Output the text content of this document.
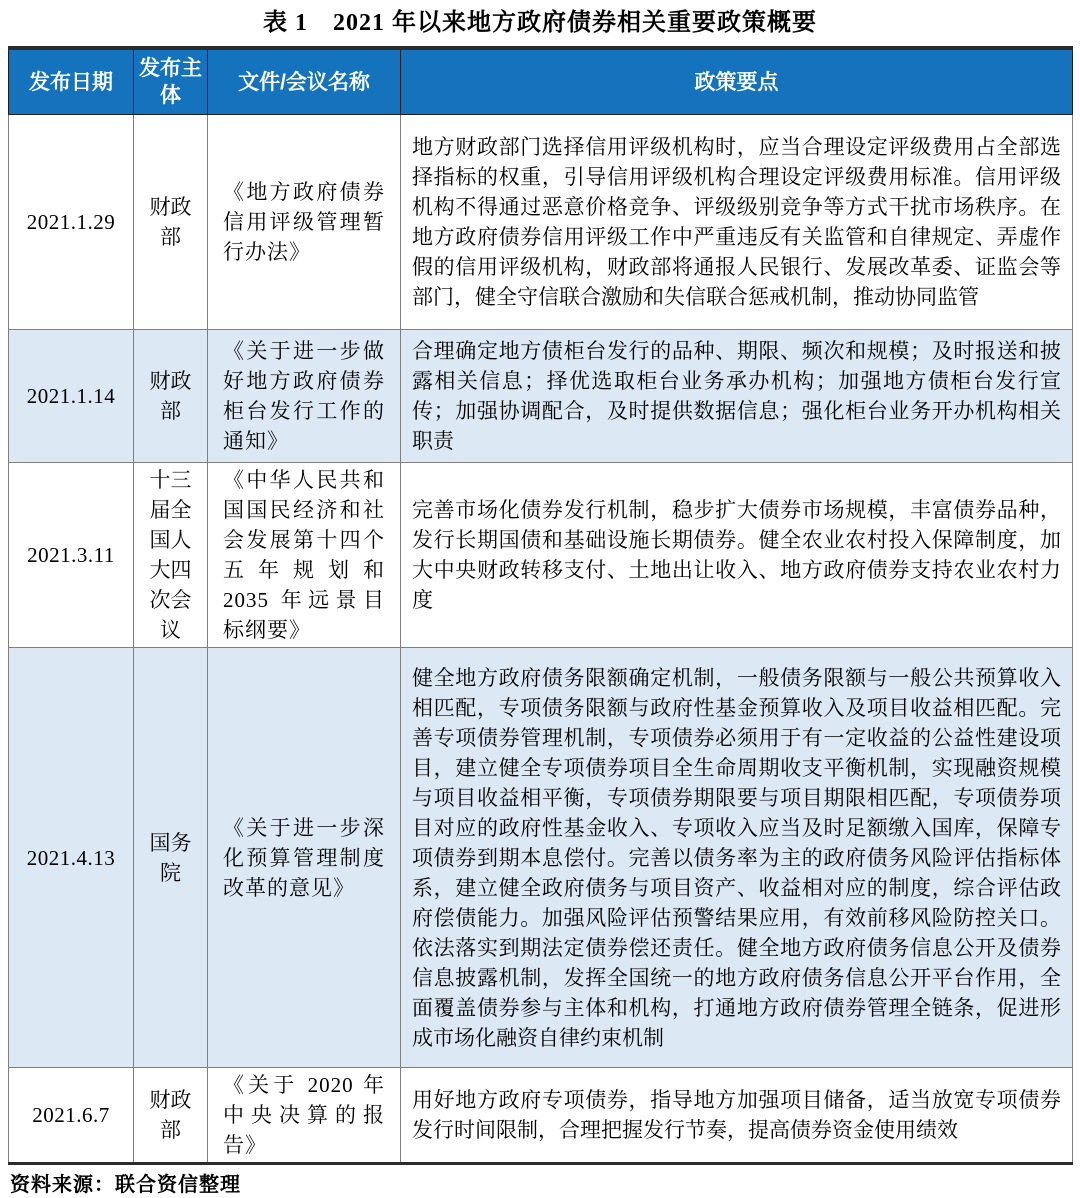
表 1　2021 年以来地方政府债券相关重要政策概要
发布日期	发布主体	文件/会议名称	政策要点
2021.1.29	财政部	《地方政府债券信用评级管理暂行办法》	地方财政部门选择信用评级机构时，应当合理设定评级费用占全部选择指标的权重，引导信用评级机构合理设定评级费用标准。信用评级机构不得通过恶意价格竞争、评级级别竞争等方式干扰市场秩序。在地方政府债券信用评级工作中严重违反有关监管和自律规定、弄虚作假的信用评级机构，财政部将通报人民银行、发展改革委、证监会等部门，健全守信联合激励和失信联合惩戒机制，推动协同监管
2021.1.14	财政部	《关于进一步做好地方政府债券柜台发行工作的通知》	合理确定地方债柜台发行的品种、期限、频次和规模；及时报送和披露相关信息；择优选取柜台业务承办机构；加强地方债柜台发行宣传；加强协调配合，及时提供数据信息；强化柜台业务开办机构相关职责
2021.3.11	十三届全国人大四次会议	《中华人民共和国国民经济和社会发展第十四个五年规划和 2035 年远景目标纲要》	完善市场化债券发行机制，稳步扩大债券市场规模，丰富债券品种，发行长期国债和基础设施长期债券。健全农业农村投入保障制度，加大中央财政转移支付、土地出让收入、地方政府债券支持农业农村力度
2021.4.13	国务院	《关于进一步深化预算管理制度改革的意见》	健全地方政府债务限额确定机制，一般债务限额与一般公共预算收入相匹配，专项债务限额与政府性基金预算收入及项目收益相匹配。完善专项债券管理机制，专项债券必须用于有一定收益的公益性建设项目，建立健全专项债券项目全生命周期收支平衡机制，实现融资规模与项目收益相平衡，专项债券期限要与项目期限相匹配，专项债券项目对应的政府性基金收入、专项收入应当及时足额缴入国库，保障专项债券到期本息偿付。完善以债务率为主的政府债务风险评估指标体系，建立健全政府债务与项目资产、收益相对应的制度，综合评估政府偿债能力。加强风险评估预警结果应用，有效前移风险防控关口。依法落实到期法定债券偿还责任。健全地方政府债务信息公开及债券信息披露机制，发挥全国统一的地方政府债务信息公开平台作用，全面覆盖债券参与主体和机构，打通地方政府债券管理全链条，促进形成市场化融资自律约束机制
2021.6.7	财政部	《关于 2020 年中央决算的报告》	用好地方政府专项债券，指导地方加强项目储备，适当放宽专项债券发行时间限制，合理把握发行节奏，提高债券资金使用绩效
资料来源：联合资信整理
